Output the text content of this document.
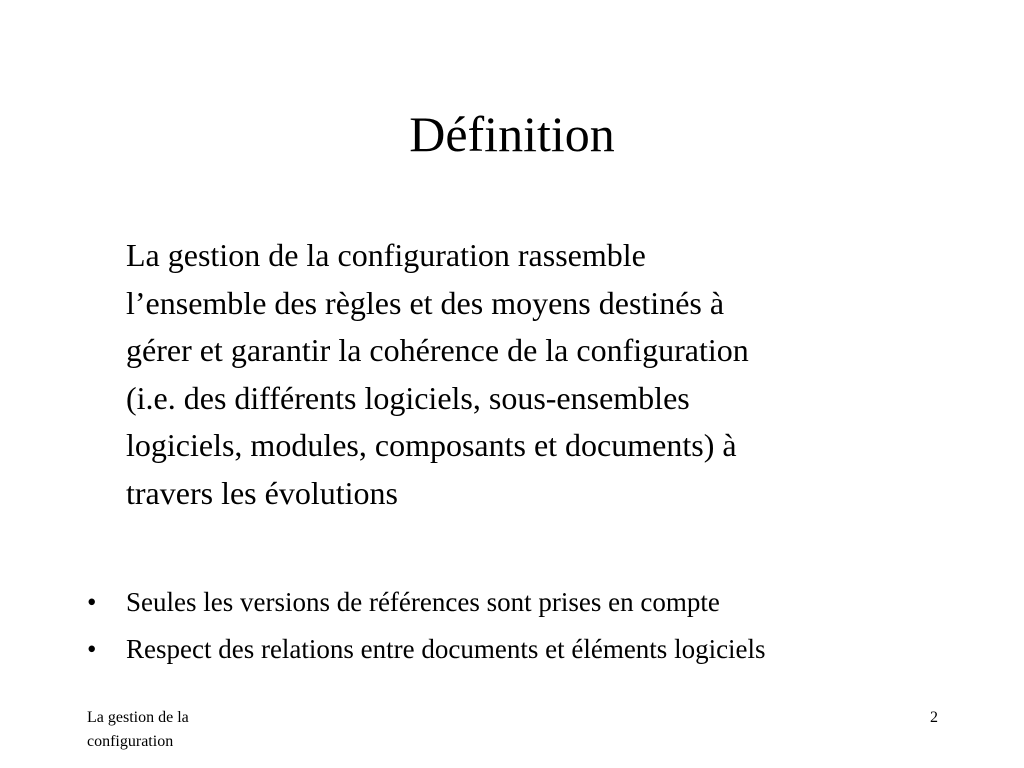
Définition
La gestion de la configuration rassemble
l’ensemble des règles et des moyens destinés à
gérer et garantir la cohérence de la configuration
(i.e. des différents logiciels, sous-ensembles
logiciels, modules, composants et documents) à
travers les évolutions
• Seules les versions de références sont prises en compte
• Respect des relations entre documents et éléments logiciels
La gestion de la
configuration
2
